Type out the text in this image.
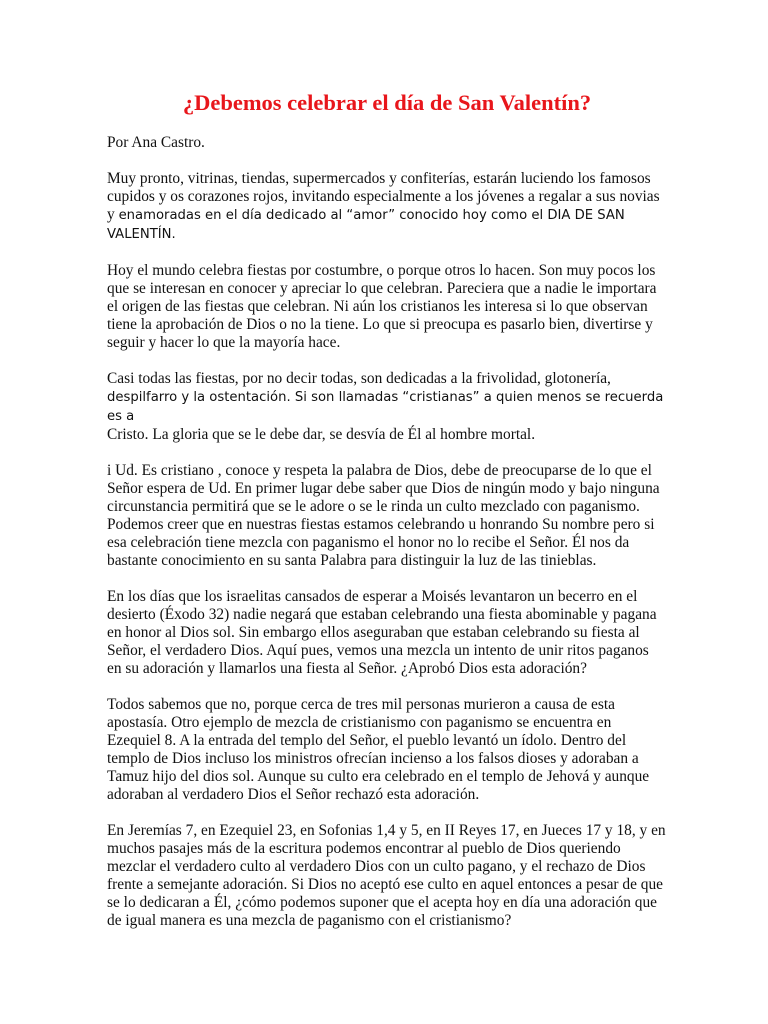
¿Debemos celebrar el día de San Valentín?

Por Ana Castro.

Muy pronto, vitrinas, tiendas, supermercados y confiterías, estarán luciendo los famosos cupidos y os corazones rojos, invitando especialmente a los jóvenes a regalar a sus novias y enamoradas en el día dedicado al “amor” conocido hoy como el DIA DE SAN VALENTÍN.

Hoy el mundo celebra fiestas por costumbre, o porque otros lo hacen. Son muy pocos los que se interesan en conocer y apreciar lo que celebran. Pareciera que a nadie le importara el origen de las fiestas que celebran. Ni aún los cristianos les interesa si lo que observan tiene la aprobación de Dios o no la tiene. Lo que si preocupa es pasarlo bien, divertirse y seguir y hacer lo que la mayoría hace.

Casi todas las fiestas, por no decir todas, son dedicadas a la frivolidad, glotonería,
despilfarro y la ostentación. Si son llamadas “cristianas” a quien menos se recuerda es a
Cristo. La gloria que se le debe dar, se desvía de Él al hombre mortal.

i Ud. Es cristiano , conoce y respeta la palabra de Dios, debe de preocuparse de lo que el Señor espera de Ud. En primer lugar debe saber que Dios de ningún modo y bajo ninguna circunstancia permitirá que se le adore o se le rinda un culto mezclado con paganismo. Podemos creer que en nuestras fiestas estamos celebrando u honrando Su nombre pero si esa celebración tiene mezcla con paganismo el honor no lo recibe el Señor. Él nos da bastante conocimiento en su santa Palabra para distinguir la luz de las tinieblas.

En los días que los israelitas cansados de esperar a Moisés levantaron un becerro en el desierto (Éxodo 32) nadie negará que estaban celebrando una fiesta abominable y pagana en honor al Dios sol. Sin embargo ellos aseguraban que estaban celebrando su fiesta al Señor, el verdadero Dios. Aquí pues, vemos una mezcla un intento de unir ritos paganos en su adoración y llamarlos una fiesta al Señor. ¿Aprobó Dios esta adoración?

Todos sabemos que no, porque cerca de tres mil personas murieron a causa de esta apostasía. Otro ejemplo de mezcla de cristianismo con paganismo se encuentra en Ezequiel 8. A la entrada del templo del Señor, el pueblo levantó un ídolo. Dentro del templo de Dios incluso los ministros ofrecían incienso a los falsos dioses y adoraban a Tamuz hijo del dios sol. Aunque su culto era celebrado en el templo de Jehová y aunque adoraban al verdadero Dios el Señor rechazó esta adoración.

En Jeremías 7, en Ezequiel 23, en Sofonias 1,4 y 5, en II Reyes 17, en Jueces 17 y 18, y en muchos pasajes más de la escritura podemos encontrar al pueblo de Dios queriendo mezclar el verdadero culto al verdadero Dios con un culto pagano, y el rechazo de Dios frente a semejante adoración. Si Dios no aceptó ese culto en aquel entonces a pesar de que se lo dedicaran a Él, ¿cómo podemos suponer que el acepta hoy en día una adoración que de igual manera es una mezcla de paganismo con el cristianismo?
